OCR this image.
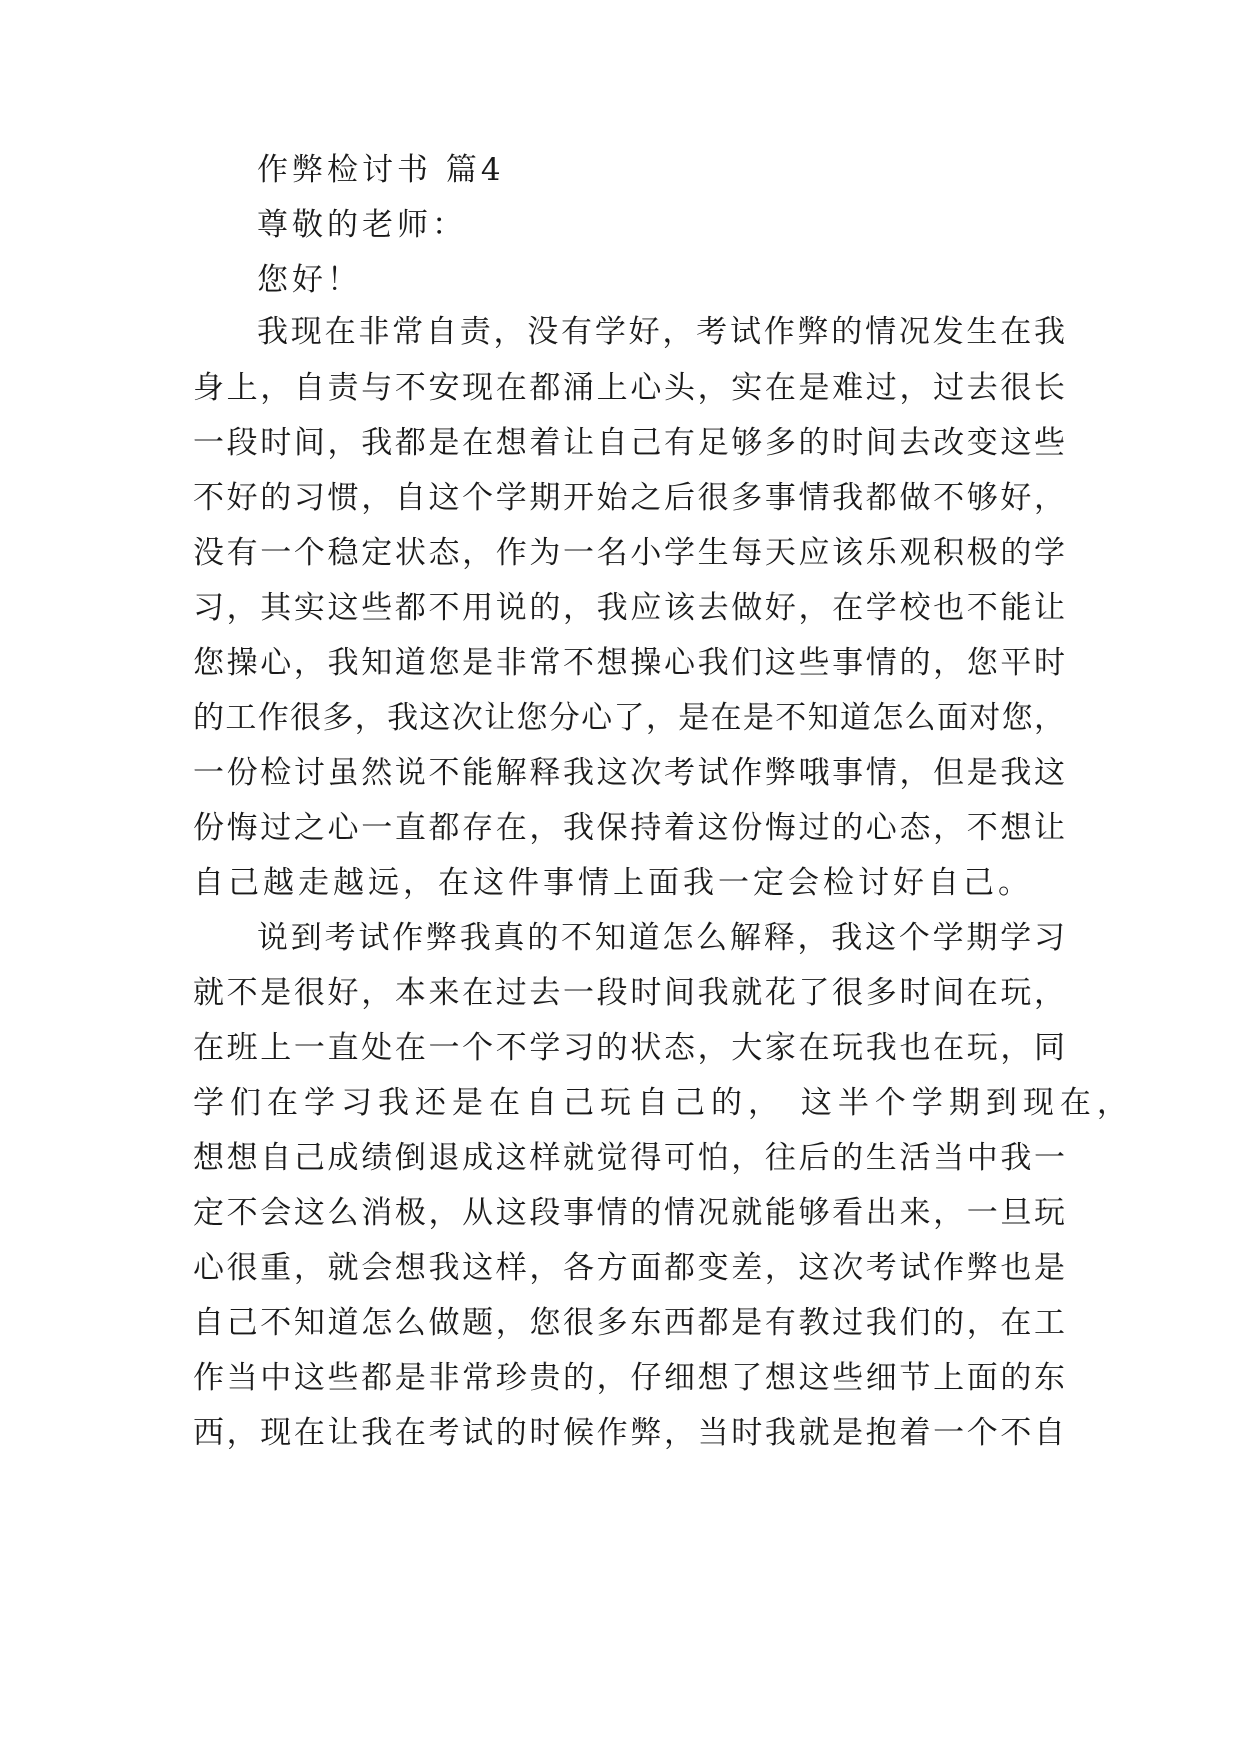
作弊检讨书 篇4
尊敬的老师：
您好！
我现在非常自责，没有学好，考试作弊的情况发生在我
身上，自责与不安现在都涌上心头，实在是难过，过去很长
一段时间，我都是在想着让自己有足够多的时间去改变这些
不好的习惯，自这个学期开始之后很多事情我都做不够好，
没有一个稳定状态，作为一名小学生每天应该乐观积极的学
习，其实这些都不用说的，我应该去做好，在学校也不能让
您操心，我知道您是非常不想操心我们这些事情的，您平时
的工作很多，我这次让您分心了，是在是不知道怎么面对您，
一份检讨虽然说不能解释我这次考试作弊哦事情，但是我这
份悔过之心一直都存在，我保持着这份悔过的心态，不想让
自己越走越远，在这件事情上面我一定会检讨好自己。
说到考试作弊我真的不知道怎么解释，我这个学期学习
就不是很好，本来在过去一段时间我就花了很多时间在玩，
在班上一直处在一个不学习的状态，大家在玩我也在玩，同
学们在学习我还是在自己玩自己的， 这半个学期到现在，
想想自己成绩倒退成这样就觉得可怕，往后的生活当中我一
定不会这么消极，从这段事情的情况就能够看出来，一旦玩
心很重，就会想我这样，各方面都变差，这次考试作弊也是
自己不知道怎么做题，您很多东西都是有教过我们的，在工
作当中这些都是非常珍贵的，仔细想了想这些细节上面的东
西，现在让我在考试的时候作弊，当时我就是抱着一个不自
